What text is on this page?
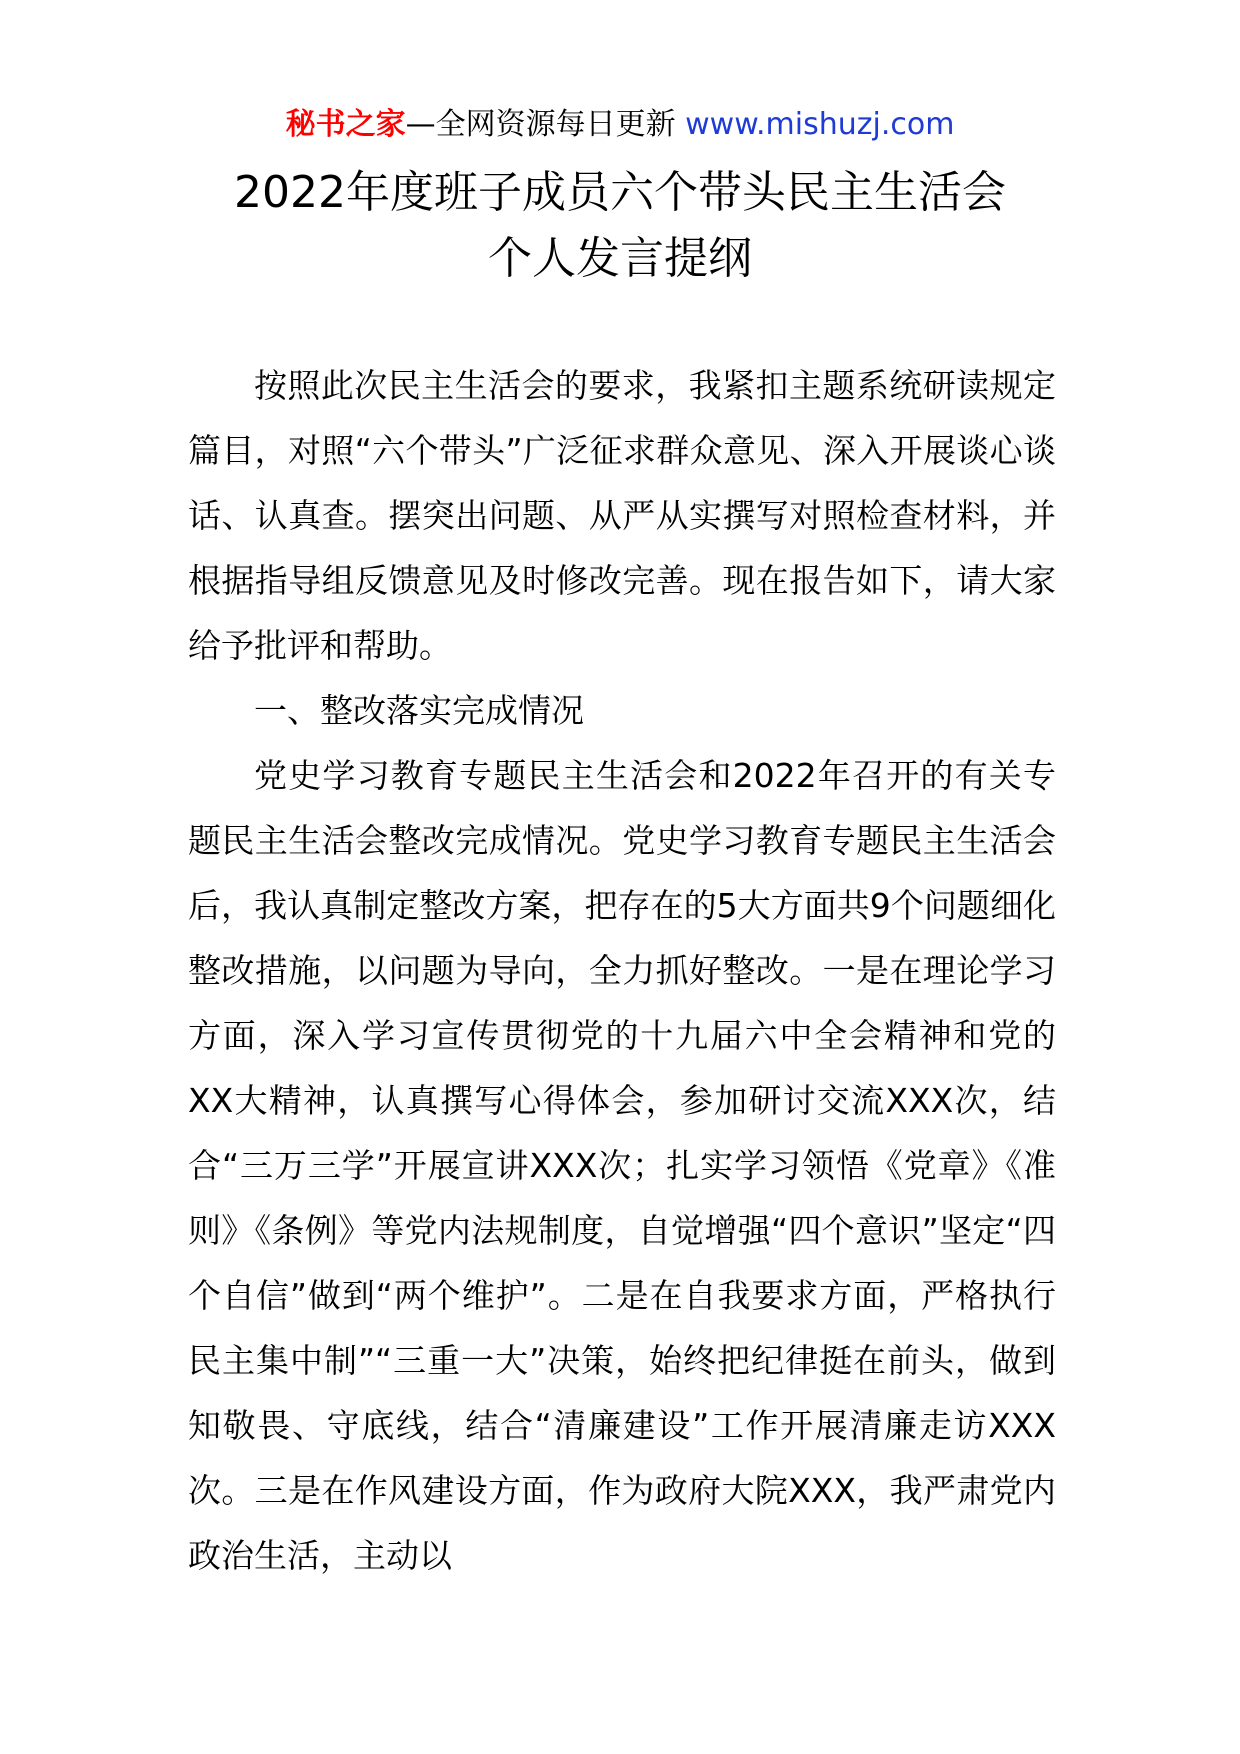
秘书之家—全网资源每日更新 www.mishuzj.com
2022年度班子成员六个带头民主生活会
个人发言提纲

按照此次民主生活会的要求，我紧扣主题系统研读规定篇目，对照“六个带头”广泛征求群众意见、深入开展谈心谈话、认真查。摆突出问题、从严从实撰写对照检查材料，并根据指导组反馈意见及时修改完善。现在报告如下，请大家给予批评和帮助。

一、整改落实完成情况

党史学习教育专题民主生活会和2022年召开的有关专题民主生活会整改完成情况。党史学习教育专题民主生活会后，我认真制定整改方案，把存在的5大方面共9个问题细化整改措施，以问题为导向，全力抓好整改。一是在理论学习方面，深入学习宣传贯彻党的十九届六中全会精神和党的XX大精神，认真撰写心得体会，参加研讨交流XXX次，结合“三万三学”开展宣讲XXX次；扎实学习领悟《党章》《准则》《条例》等党内法规制度，自觉增强“四个意识”坚定“四个自信”做到“两个维护”。二是在自我要求方面，严格执行民主集中制”“三重一大”决策，始终把纪律挺在前头，做到知敬畏、守底线，结合“清廉建设”工作开展清廉走访XXX次。三是在作风建设方面，作为政府大院XXX，我严肃党内政治生活，主动以
